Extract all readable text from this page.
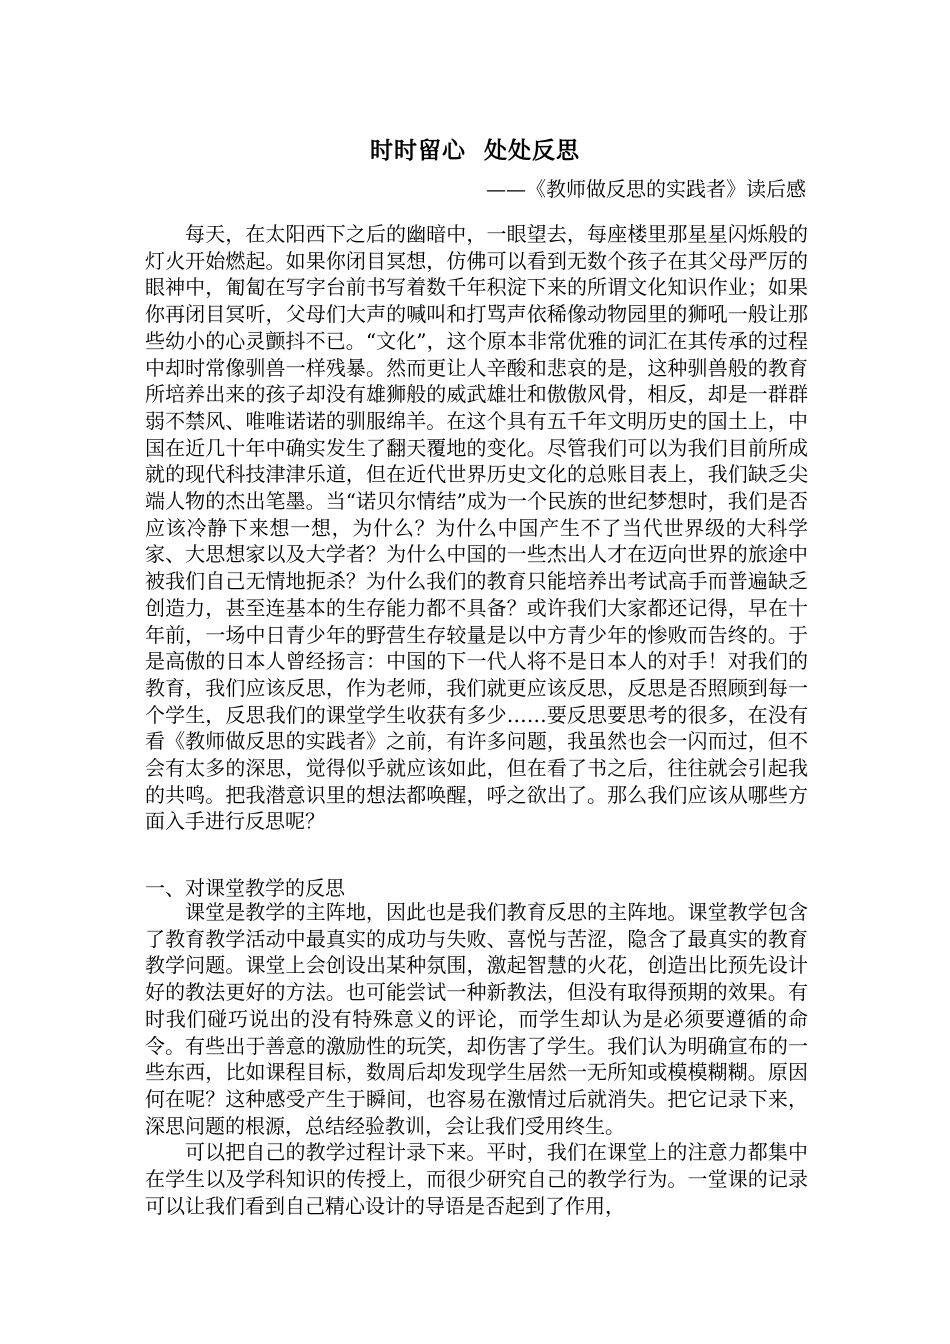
时时留心  处处反思
——《教师做反思的实践者》读后感

每天，在太阳西下之后的幽暗中，一眼望去，每座楼里那星星闪烁般的灯火开始燃起。如果你闭目冥想，仿佛可以看到无数个孩子在其父母严厉的眼神中，匍匐在写字台前书写着数千年积淀下来的所谓文化知识作业；如果你再闭目冥听，父母们大声的喊叫和打骂声依稀像动物园里的狮吼一般让那些幼小的心灵颤抖不已。“文化”，这个原本非常优雅的词汇在其传承的过程中却时常像驯兽一样残暴。然而更让人辛酸和悲哀的是，这种驯兽般的教育所培养出来的孩子却没有雄狮般的威武雄壮和傲傲风骨，相反，却是一群群弱不禁风、唯唯诺诺的驯服绵羊。在这个具有五千年文明历史的国土上，中国在近几十年中确实发生了翻天覆地的变化。尽管我们可以为我们目前所成就的现代科技津津乐道，但在近代世界历史文化的总账目表上，我们缺乏尖端人物的杰出笔墨。当“诺贝尔情结”成为一个民族的世纪梦想时，我们是否应该冷静下来想一想，为什么？为什么中国产生不了当代世界级的大科学家、大思想家以及大学者？为什么中国的一些杰出人才在迈向世界的旅途中被我们自己无情地扼杀？为什么我们的教育只能培养出考试高手而普遍缺乏创造力，甚至连基本的生存能力都不具备？或许我们大家都还记得，早在十年前，一场中日青少年的野营生存较量是以中方青少年的惨败而告终的。于是高傲的日本人曾经扬言：中国的下一代人将不是日本人的对手！对我们的教育，我们应该反思，作为老师，我们就更应该反思，反思是否照顾到每一个学生，反思我们的课堂学生收获有多少……要反思要思考的很多，在没有看《教师做反思的实践者》之前，有许多问题，我虽然也会一闪而过，但不会有太多的深思，觉得似乎就应该如此，但在看了书之后，往往就会引起我的共鸣。把我潜意识里的想法都唤醒，呼之欲出了。那么我们应该从哪些方面入手进行反思呢？

一、对课堂教学的反思

课堂是教学的主阵地，因此也是我们教育反思的主阵地。课堂教学包含了教育教学活动中最真实的成功与失败、喜悦与苦涩，隐含了最真实的教育教学问题。课堂上会创设出某种氛围，激起智慧的火花，创造出比预先设计好的教法更好的方法。也可能尝试一种新教法，但没有取得预期的效果。有时我们碰巧说出的没有特殊意义的评论，而学生却认为是必须要遵循的命令。有些出于善意的激励性的玩笑，却伤害了学生。我们认为明确宣布的一些东西，比如课程目标，数周后却发现学生居然一无所知或模模糊糊。原因何在呢？这种感受产生于瞬间，也容易在激情过后就消失。把它记录下来，深思问题的根源，总结经验教训，会让我们受用终生。

可以把自己的教学过程计录下来。平时，我们在课堂上的注意力都集中在学生以及学科知识的传授上，而很少研究自己的教学行为。一堂课的记录可以让我们看到自己精心设计的导语是否起到了作用，
